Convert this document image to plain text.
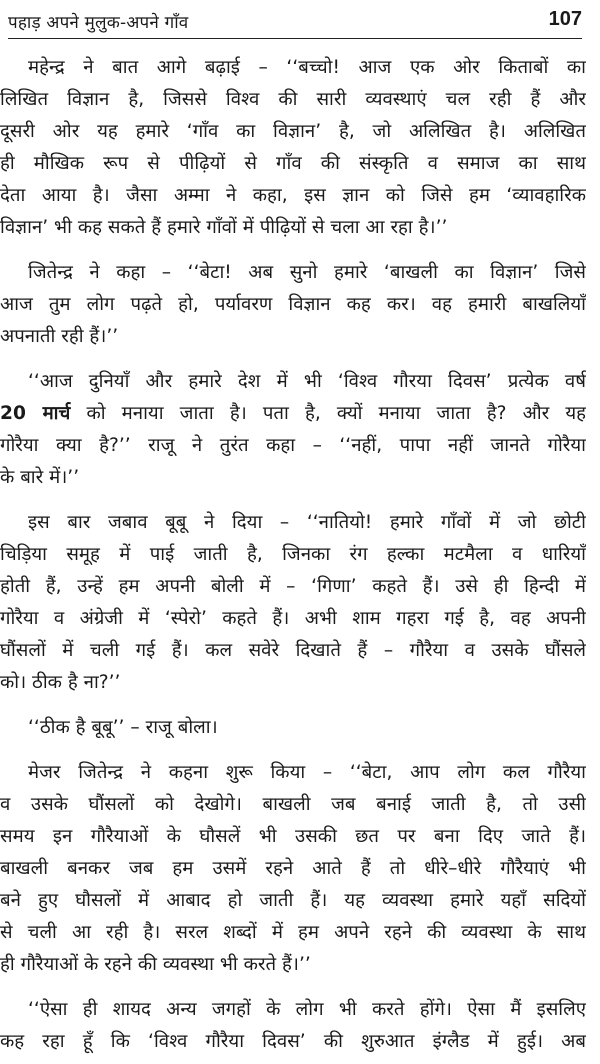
पहाड़ अपने मुलुक-अपने गाँव	107
महेन्द्र ने बात आगे बढ़ाई – ‘‘बच्चो! आज एक ओर किताबों का
लिखित विज्ञान है, जिससे विश्व की सारी व्यवस्थाएं चल रही हैं और
दूसरी ओर यह हमारे ‘गाँव का विज्ञान’ है, जो अलिखित है। अलिखित
ही मौखिक रूप से पीढ़ियों से गाँव की संस्कृति व समाज का साथ
देता आया है। जैसा अम्मा ने कहा, इस ज्ञान को जिसे हम ‘व्यावहारिक
विज्ञान’ भी कह सकते हैं हमारे गाँवों में पीढ़ियों से चला आ रहा है।’’
जितेन्द्र ने कहा – ‘‘बेटा! अब सुनो हमारे ‘बाखली का विज्ञान’ जिसे
आज तुम लोग पढ़ते हो, पर्यावरण विज्ञान कह कर। वह हमारी बाखलियाँ
अपनाती रही हैं।’’
‘‘आज दुनियाँ और हमारे देश में भी ‘विश्व गौरया दिवस’ प्रत्येक वर्ष
20 मार्च को मनाया जाता है। पता है, क्यों मनाया जाता है? और यह
गोरैया क्या है?’’ राजू ने तुरंत कहा – ‘‘नहीं, पापा नहीं जानते गोरैया
के बारे में।’’
इस बार जबाव बूबू ने दिया – ‘‘नातियो! हमारे गाँवों में जो छोटी
चिड़िया समूह में पाई जाती है, जिनका रंग हल्का मटमैला व धारियाँ
होती हैं, उन्हें हम अपनी बोली में – ‘गिणा’ कहते हैं। उसे ही हिन्दी में
गोरैया व अंग्रेजी में ‘स्पेरो’ कहते हैं। अभी शाम गहरा गई है, वह अपनी
घौंसलों में चली गई हैं। कल सवेरे दिखाते हैं – गौरैया व उसके घौंसले
को। ठीक है ना?’’
‘‘ठीक है बूबू’’ – राजू बोला।
मेजर जितेन्द्र ने कहना शुरू किया – ‘‘बेटा, आप लोग कल गौरैया
व उसके घौंसलों को देखोगे। बाखली जब बनाई जाती है, तो उसी
समय इन गौरैयाओं के घौसलें भी उसकी छत पर बना दिए जाते हैं।
बाखली बनकर जब हम उसमें रहने आते हैं तो धीरे–धीरे गौरैयाएं भी
बने हुए घौसलों में आबाद हो जाती हैं। यह व्यवस्था हमारे यहाँ सदियों
से चली आ रही है। सरल शब्दों में हम अपने रहने की व्यवस्था के साथ
ही गौरैयाओं के रहने की व्यवस्था भी करते हैं।’’
‘‘ऐसा ही शायद अन्य जगहों के लोग भी करते होंगे। ऐसा मैं इसलिए
कह रहा हूँ कि ‘विश्व गौरैया दिवस’ की शुरुआत इंग्लैड में हुई। अब
